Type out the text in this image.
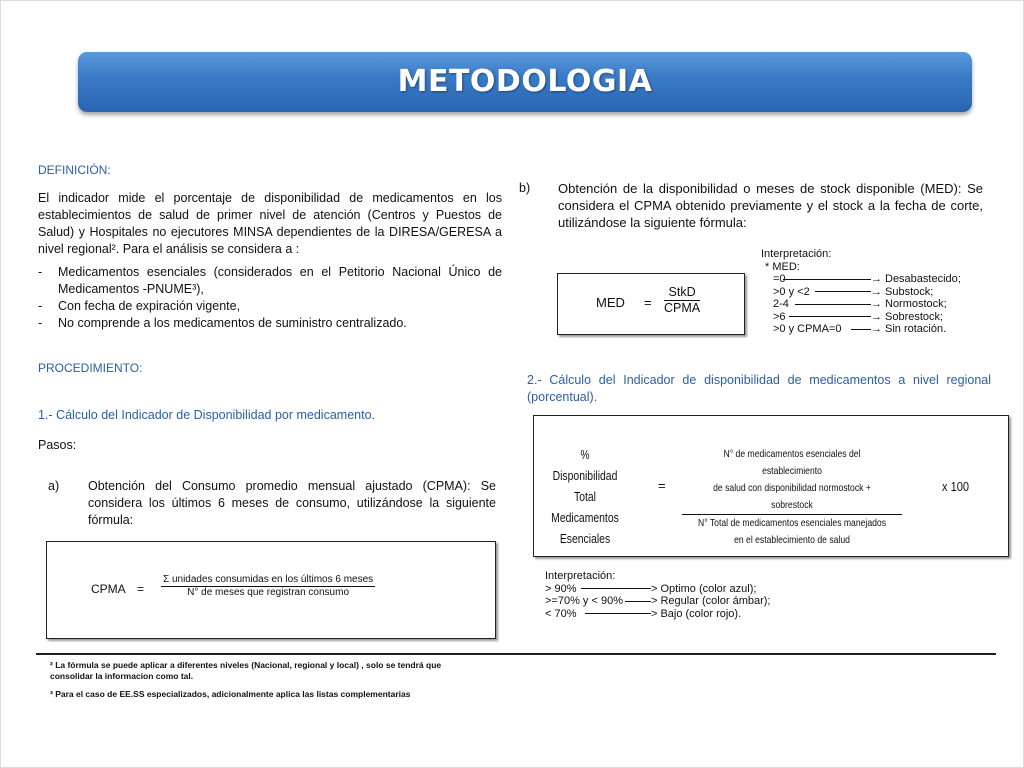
METODOLOGIA
DEFINICIÓN:
El indicador mide el porcentaje de disponibilidad de medicamentos en los establecimientos de salud de primer nivel de atención (Centros y Puestos de Salud) y Hospitales no ejecutores MINSA dependientes de la DIRESA/GERESA a nivel regional². Para el análisis se considera a :
- Medicamentos esenciales (considerados en el Petitorio Nacional Único de Medicamentos -PNUME³),
- Con fecha de expiración vigente,
- No comprende a los medicamentos de suministro centralizado.
PROCEDIMIENTO:
1.- Cálculo del Indicador de Disponibilidad por medicamento.
Pasos:
a) Obtención del Consumo promedio mensual ajustado (CPMA): Se considera los últimos 6 meses de consumo, utilizándose la siguiente fórmula:
CPMA =
Σ unidades consumidas en los últimos 6 meses
N° de meses que registran consumo
b) Obtención de la disponibilidad o meses de stock disponible (MED): Se considera el CPMA obtenido previamente y el stock a la fecha de corte, utilizándose la siguiente fórmula:
MED =
StkD
CPMA
Interpretación:
* MED:
=0	→ Desabastecido;
>0 y <2	→ Substock;
2-4	→ Normostock;
>6	→ Sobrestock;
>0 y CPMA=0	→ Sin rotación.
2.- Cálculo del Indicador de disponibilidad de medicamentos a nivel regional (porcentual).
% Disponibilidad
Total
Medicamentos
Esenciales
=
N° de medicamentos esenciales del establecimiento
de salud con disponibilidad normostock + sobrestock
N° Total de medicamentos esenciales manejados
en el establecimiento de salud
x 100
Interpretación:
> 90%	> Optimo (color azul);
>=70% y < 90%	> Regular (color ámbar);
< 70%	> Bajo (color rojo).
² La fórmula se puede aplicar a diferentes niveles (Nacional, regional y local) , solo se tendrá que consolidar la informacion como tal.
³ Para el caso de EE.SS especializados, adicionalmente aplica las listas complementarias
